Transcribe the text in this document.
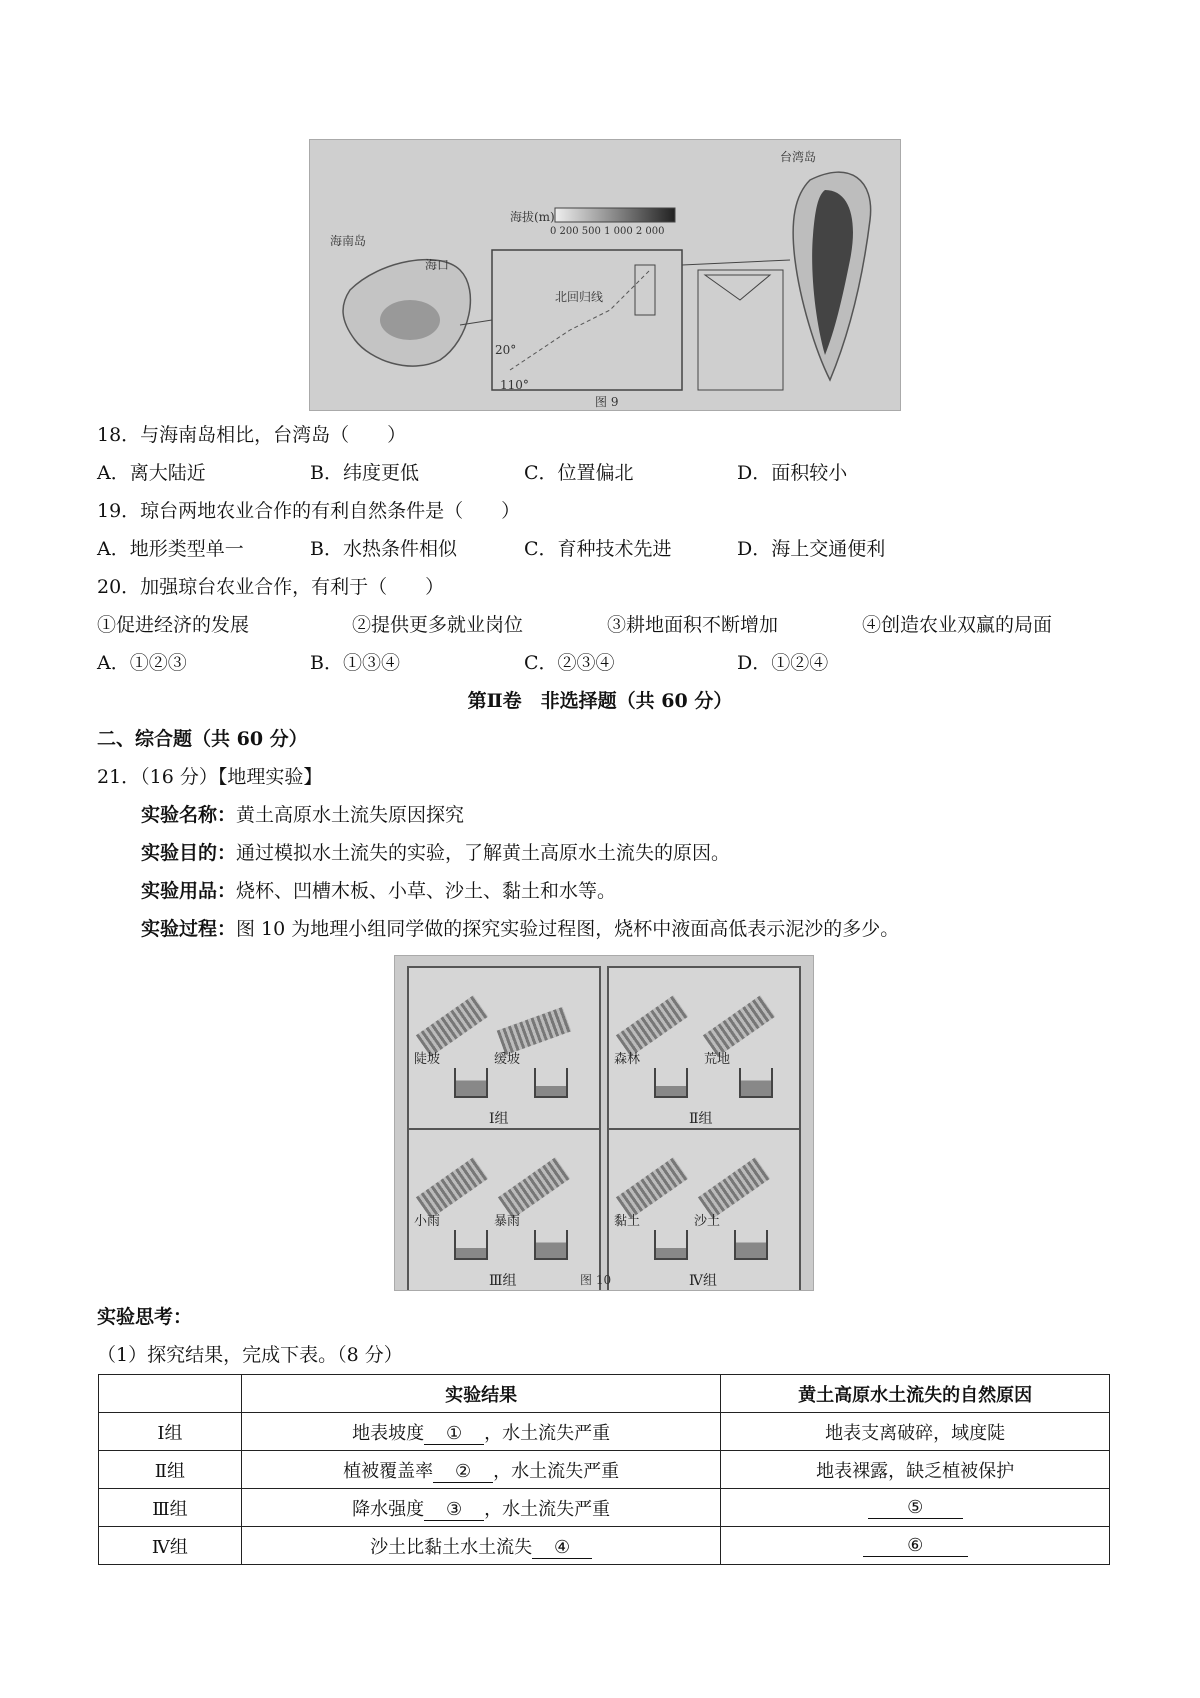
海南岛
台湾岛
海口
海拔(m)
0 200 500 1 000 2 000
20°
110°
北回归线
图 9
18．与海南岛相比，台湾岛（　　）
A．离大陆近	B．纬度更低	C．位置偏北	D．面积较小
19．琼台两地农业合作的有利自然条件是（　　）
A．地形类型单一	B．水热条件相似	C．育种技术先进	D．海上交通便利
20．加强琼台农业合作，有利于（　　）
①促进经济的发展	②提供更多就业岗位	③耕地面积不断增加	④创造农业双赢的局面
A．①②③	B．①③④	C．②③④	D．①②④
第Ⅱ卷　非选择题（共 60 分）
二、综合题（共 60 分）
21．（16 分）【地理实验】
实验名称：黄土高原水土流失原因探究
实验目的：通过模拟水土流失的实验，了解黄土高原水土流失的原因。
实验用品：烧杯、凹槽木板、小草、沙土、黏土和水等。
实验过程：图 10 为地理小组同学做的探究实验过程图，烧杯中液面高低表示泥沙的多少。
陡坡	缓坡
Ⅰ组
森林	荒地
Ⅱ组
小雨	暴雨
Ⅲ组
黏土	沙土
Ⅳ组
图 10
实验思考：
（1）探究结果，完成下表。（8 分）
	实验结果	黄土高原水土流失的自然原因
Ⅰ组	地表坡度 ① ，水土流失严重	地表支离破碎，域度陡
Ⅱ组	植被覆盖率 ② ，水土流失严重	地表裸露，缺乏植被保护
Ⅲ组	降水强度 ③ ，水土流失严重	⑤
Ⅳ组	沙土比黏土水土流失 ④	⑥
